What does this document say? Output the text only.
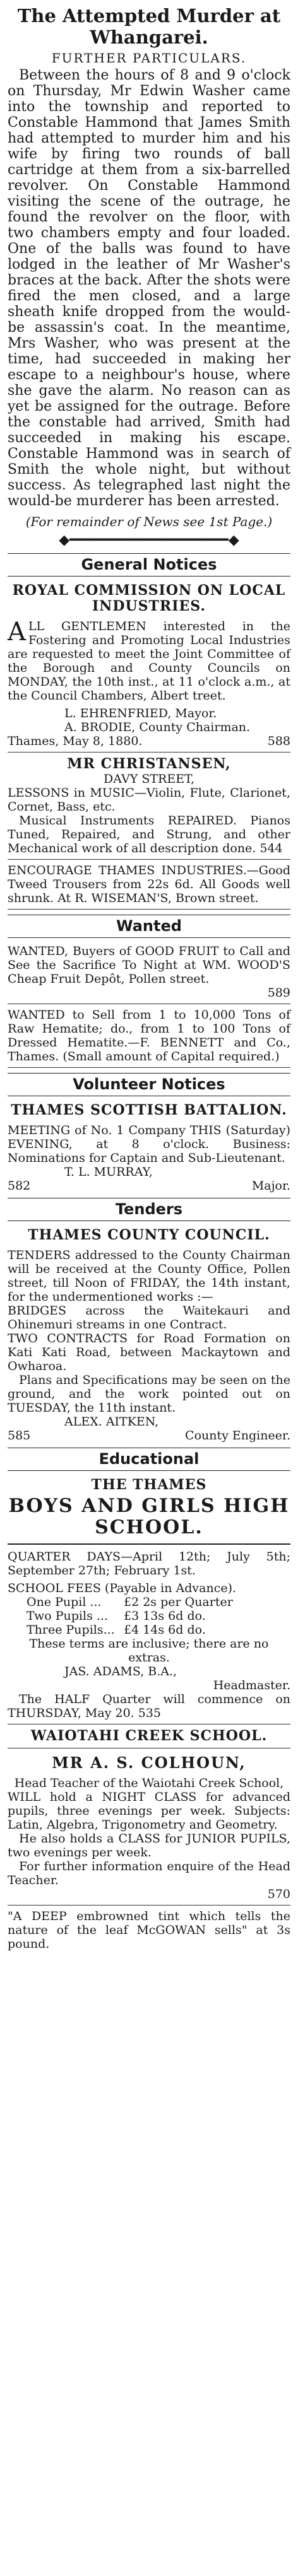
The Attempted Murder at Whangarei.
FURTHER PARTICULARS.

Between the hours of 8 and 9 o'clock on Thursday, Mr Edwin Washer came into the township and reported to Constable Hammond that James Smith had attempted to murder him and his wife by firing two rounds of ball cartridge at them from a six-barrelled revolver. On Constable Hammond visiting the scene of the outrage, he found the revolver on the floor, with two chambers empty and four loaded. One of the balls was found to have lodged in the leather of Mr Washer's braces at the back. After the shots were fired the men closed, and a large sheath knife dropped from the would-be assassin's coat. In the meantime, Mrs Washer, who was present at the time, had succeeded in making her escape to a neighbour's house, where she gave the alarm. No reason can as yet be assigned for the outrage. Before the constable had arrived, Smith had succeeded in making his escape. Constable Hammond was in search of Smith the whole night, but without success. As telegraphed last night the would-be murderer has been arrested.

(For remainder of News see 1st Page.)
◆━━━━━━━━━━━━━━━━━━━◆
General Notices
ROYAL COMMISSION ON LOCAL INDUSTRIES.

ALL GENTLEMEN interested in the Fostering and Promoting Local Industries are requested to meet the Joint Committee of the Borough and County Councils on MONDAY, the 10th inst., at 11 o'clock a.m., at the Council Chambers, Albert treet.

L. EHRENFRIED, Mayor.
A. BRODIE, County Chairman.
Thames, May 8, 1880.	588
MR CHRISTANSEN,
DAVY STREET,

LESSONS in MUSIC—Violin, Flute, Clarionet, Cornet, Bass, etc.

Musical Instruments REPAIRED. Pianos Tuned, Repaired, and Strung, and other Mechanical work of all description done. 544

ENCOURAGE THAMES INDUSTRIES.—Good Tweed Trousers from 22s 6d. All Goods well shrunk. At R. WISEMAN'S, Brown street.

Wanted

WANTED, Buyers of GOOD FRUIT to Call and See the Sacrifice To Night at WM. WOOD'S Cheap Fruit Depôt, Pollen street.

589

WANTED to Sell from 1 to 10,000 Tons of Raw Hematite; do., from 1 to 100 Tons of Dressed Hematite.—F. BENNETT and Co., Thames. (Small amount of Capital required.)

Volunteer Notices
THAMES SCOTTISH BATTALION.

MEETING of No. 1 Company THIS (Saturday) EVENING, at 8 o'clock. Business: Nominations for Captain and Sub-Lieutenant.

T. L. MURRAY,
582	Major.
Tenders
THAMES COUNTY COUNCIL.

TENDERS addressed to the County Chairman will be received at the County Office, Pollen street, till Noon of FRIDAY, the 14th instant, for the undermentioned works :—

BRIDGES across the Waitekauri and Ohinemuri streams in one Contract.

TWO CONTRACTS for Road Formation on Kati Kati Road, between Mackaytown and Owharoa.

Plans and Specifications may be seen on the ground, and the work pointed out on TUESDAY, the 11th instant.

ALEX. AITKEN,
585	County Engineer.
Educational
THE THAMES
BOYS AND GIRLS HIGH SCHOOL.

QUARTER DAYS—April 12th; July 5th; September 27th; February 1st.

SCHOOL FEES (Payable in Advance).
One Pupil ...	£2 2s per Quarter
Two Pupils ...	£3 13s 6d do.
Three Pupils... £4 14s 6d do.
These terms are inclusive; there are no extras.
JAS. ADAMS, B.A.,
Headmaster.

The HALF Quarter will commence on THURSDAY, May 20. 535

WAIOTAHI CREEK SCHOOL.
MR A. S. COLHOUN,
Head Teacher of the Waiotahi Creek School,

WILL hold a NIGHT CLASS for advanced pupils, three evenings per week. Subjects: Latin, Algebra, Trigonometry and Geometry.

He also holds a CLASS for JUNIOR PUPILS, two evenings per week.

For further information enquire of the Head Teacher.

570

"A DEEP embrowned tint which tells the nature of the leaf McGOWAN sells" at 3s pound.
